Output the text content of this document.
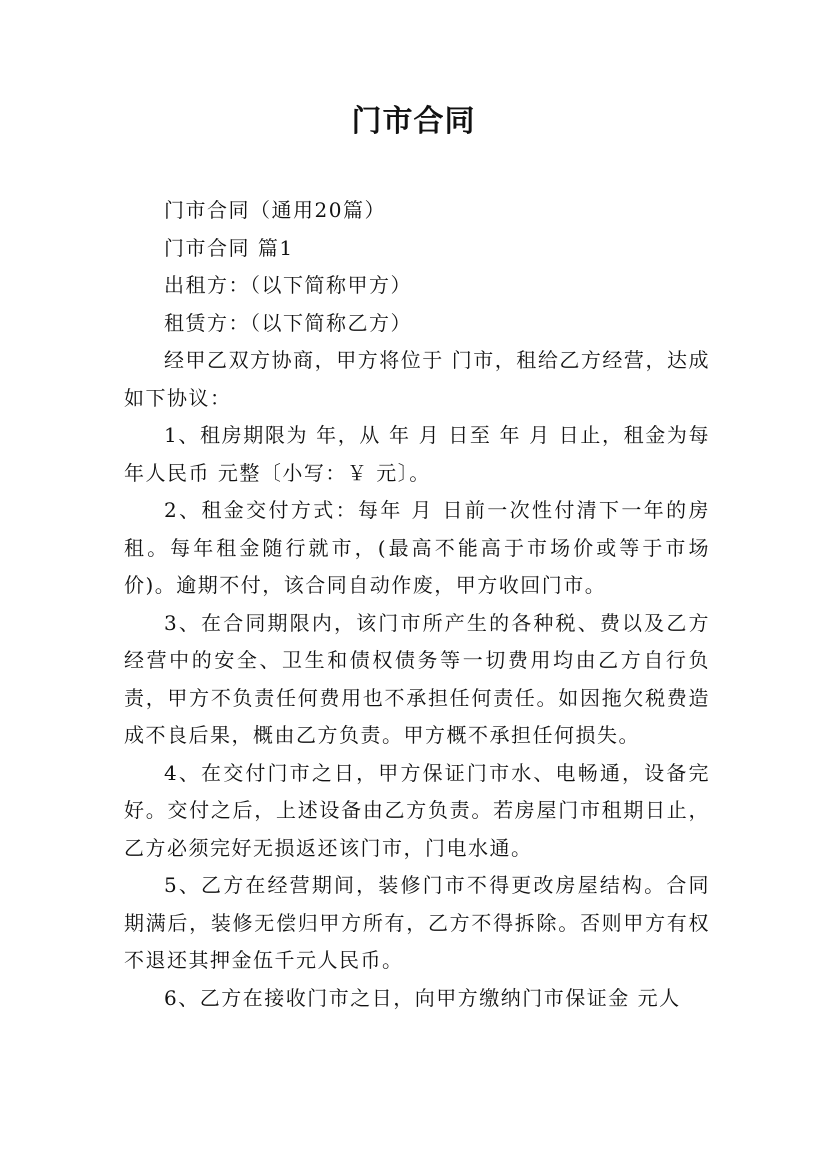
门市合同

门市合同（通用20篇）

门市合同 篇1

出租方：（以下简称甲方）

租赁方：（以下简称乙方）

经甲乙双方协商，甲方将位于 门市，租给乙方经营，达成如下协议：

1、租房期限为 年，从 年 月 日至 年 月 日止，租金为每年人民币 元整〔小写：￥ 元〕。

2、租金交付方式：每年 月 日前一次性付清下一年的房租。每年租金随行就市，(最高不能高于市场价或等于市场价)。逾期不付，该合同自动作废，甲方收回门市。

3、在合同期限内，该门市所产生的各种税、费以及乙方经营中的安全、卫生和债权债务等一切费用均由乙方自行负责，甲方不负责任何费用也不承担任何责任。如因拖欠税费造成不良后果，概由乙方负责。甲方概不承担任何损失。

4、在交付门市之日，甲方保证门市水、电畅通，设备完好。交付之后，上述设备由乙方负责。若房屋门市租期日止，乙方必须完好无损返还该门市，门电水通。

5、乙方在经营期间，装修门市不得更改房屋结构。合同期满后，装修无偿归甲方所有，乙方不得拆除。否则甲方有权不退还其押金伍千元人民币。

6、乙方在接收门市之日，向甲方缴纳门市保证金 元人
